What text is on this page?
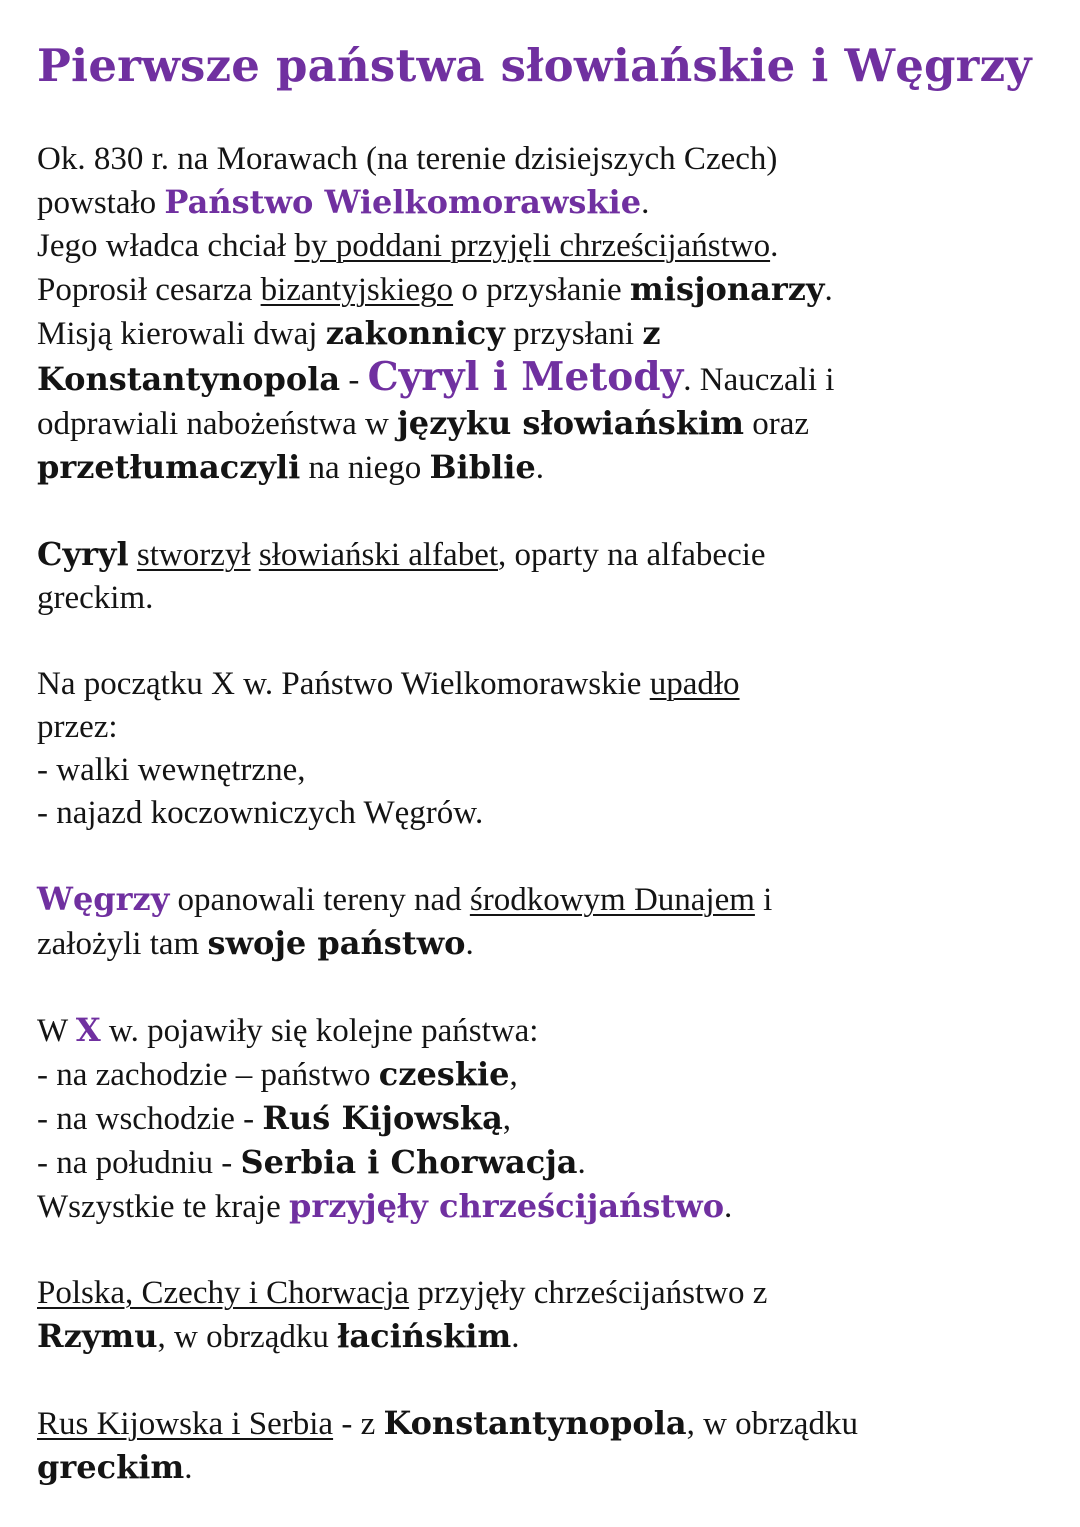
Pierwsze państwa słowiańskie i Węgrzy
Ok. 830 r. na Morawach (na terenie dzisiejszych Czech)
powstało Państwo Wielkomorawskie.
Jego władca chciał by poddani przyjęli chrześcijaństwo.
Poprosił cesarza bizantyjskiego o przysłanie misjonarzy.
Misją kierowali dwaj zakonnicy przysłani z
Konstantynopola - Cyryl i Metody. Nauczali i
odprawiali nabożeństwa w języku słowiańskim oraz
przetłumaczyli na niego Biblie.
Cyryl stworzył słowiański alfabet, oparty na alfabecie
greckim.
Na początku X w. Państwo Wielkomorawskie upadło
przez:
- walki wewnętrzne,
- najazd koczowniczych Węgrów.
Węgrzy opanowali tereny nad środkowym Dunajem i
założyli tam swoje państwo.
W X w. pojawiły się kolejne państwa:
- na zachodzie – państwo czeskie,
- na wschodzie - Ruś Kijowską,
- na południu - Serbia i Chorwacja.
Wszystkie te kraje przyjęły chrześcijaństwo.
Polska, Czechy i Chorwacja przyjęły chrześcijaństwo z
Rzymu, w obrządku łacińskim.
Rus Kijowska i Serbia - z Konstantynopola, w obrządku
greckim.
